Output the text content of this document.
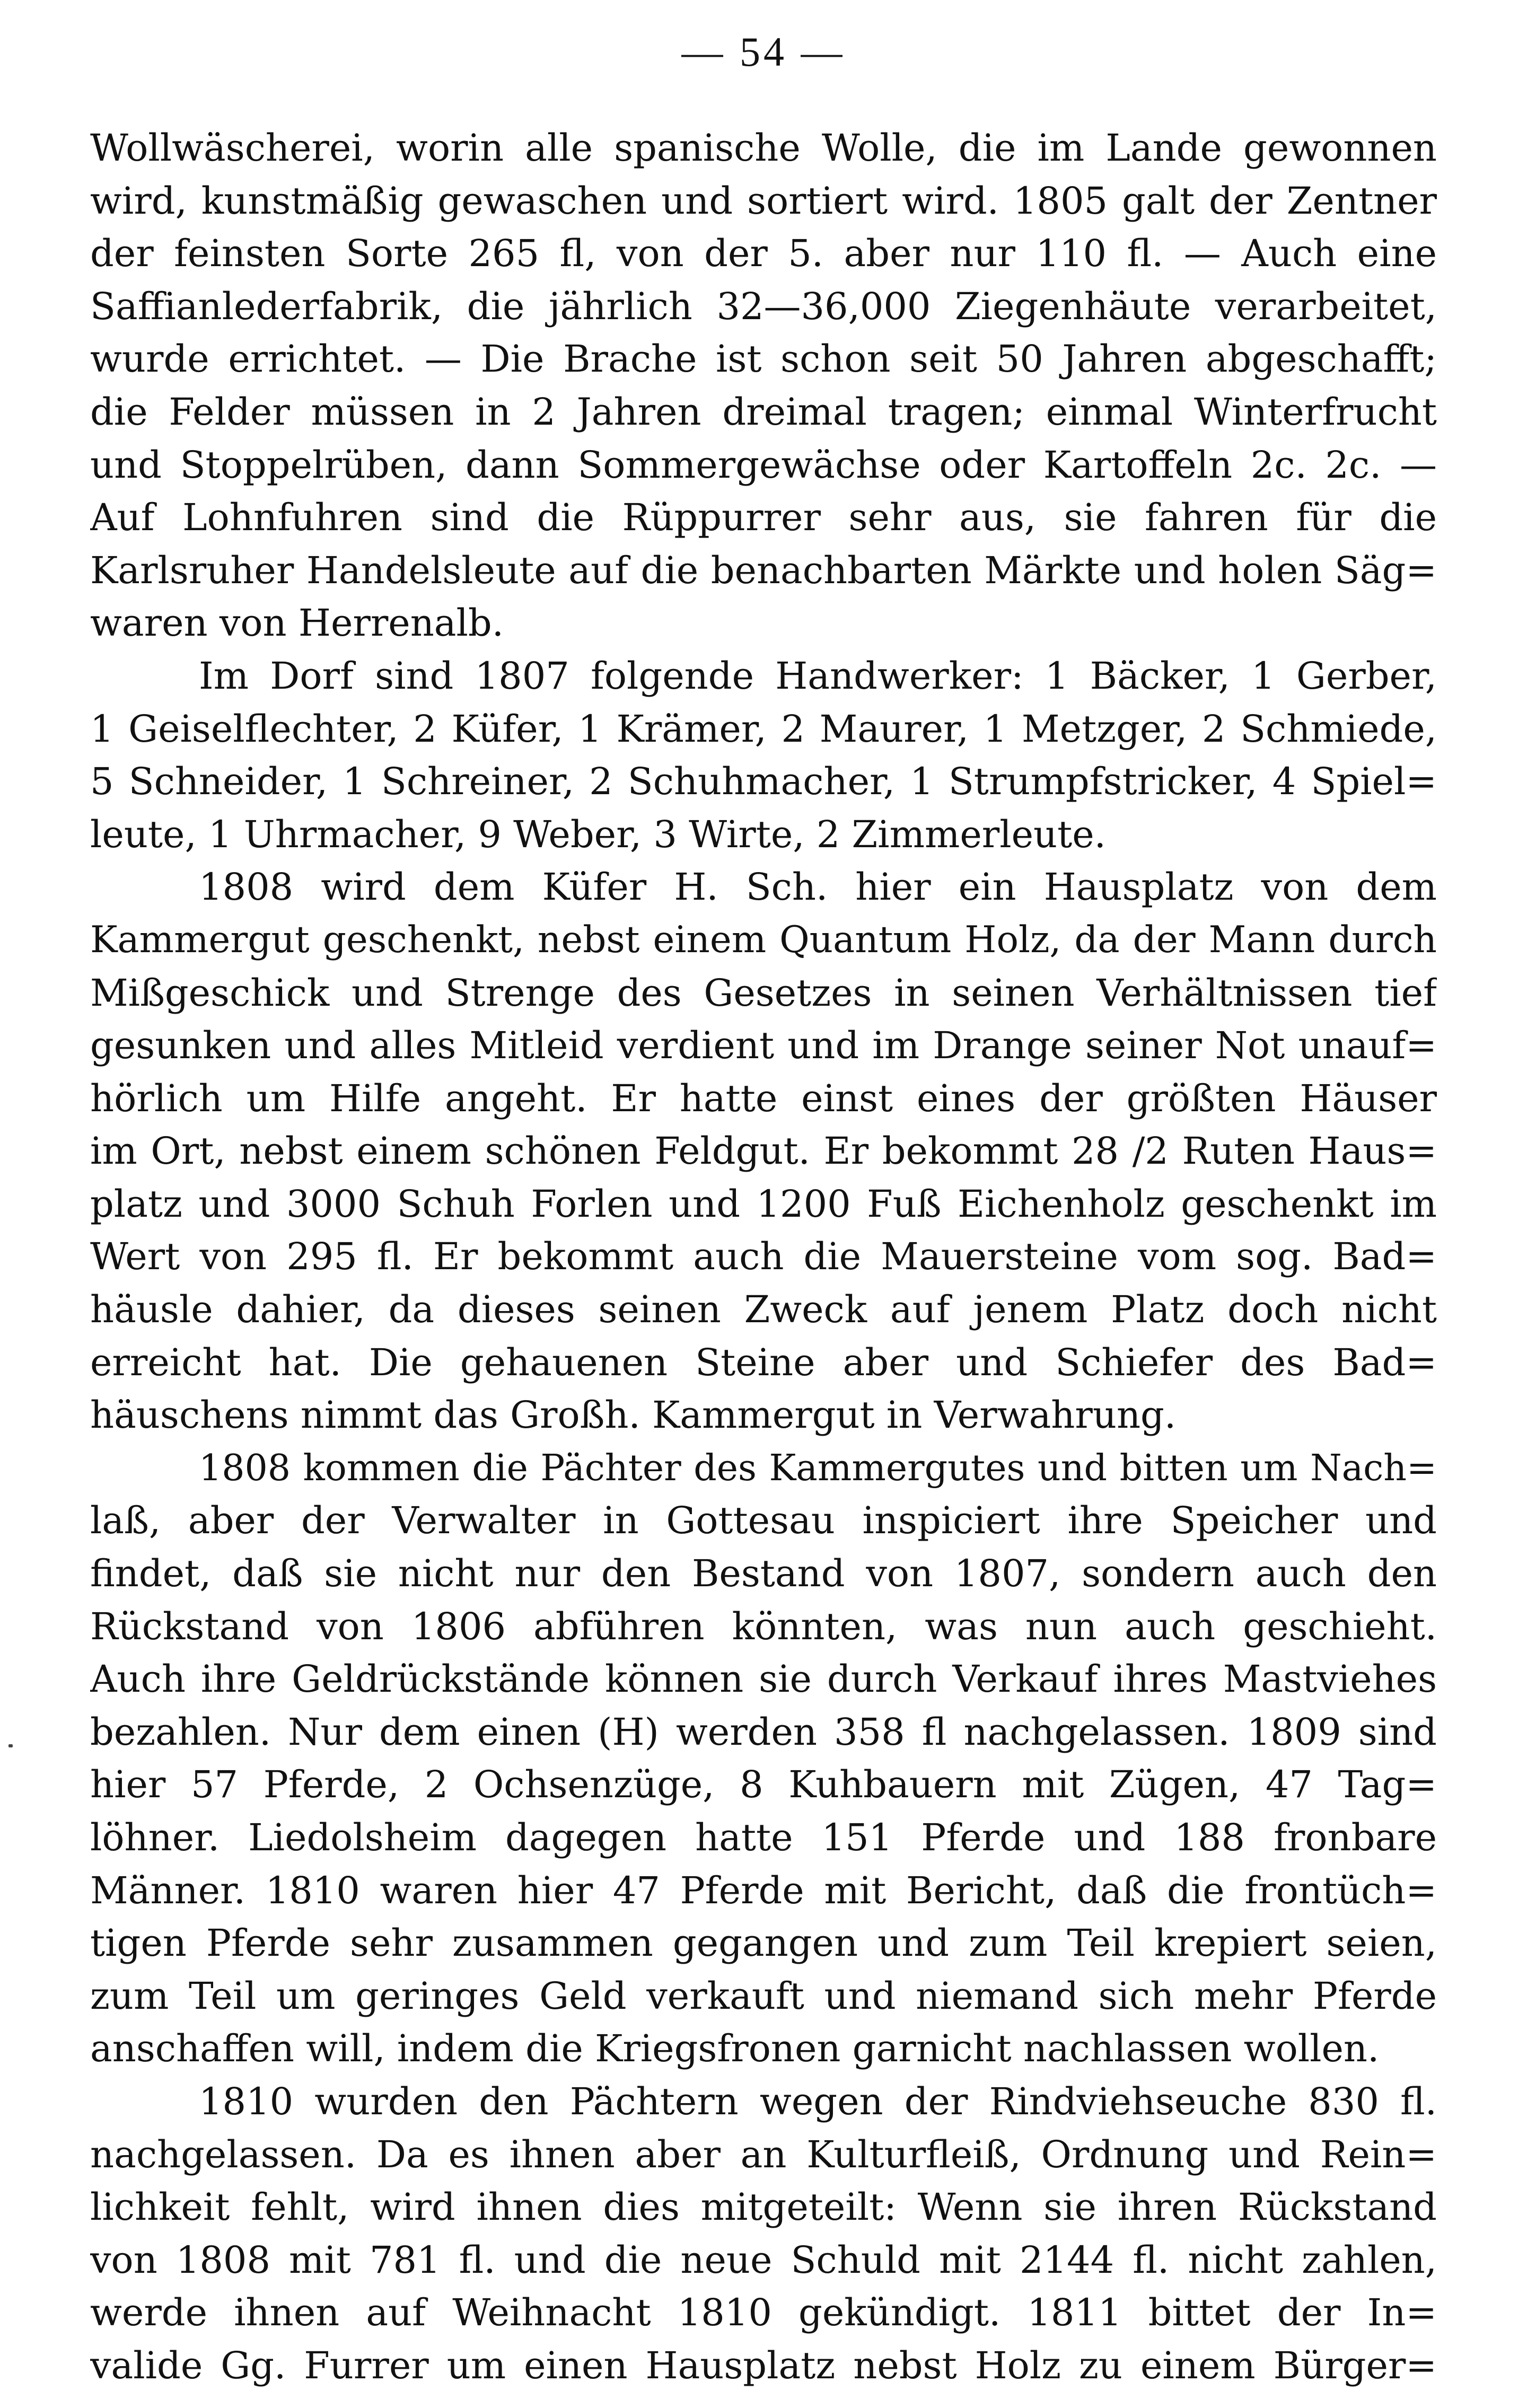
— 54 —
Wollwäscherei, worin alle spanische Wolle, die im Lande gewonnen
wird, kunstmäßig gewaschen und sortiert wird. 1805 galt der Zentner
der feinsten Sorte 265 fl, von der 5. aber nur 110 fl. — Auch eine
Saffianlederfabrik, die jährlich 32—36,000 Ziegenhäute verarbeitet,
wurde errichtet. — Die Brache ist schon seit 50 Jahren abgeschafft;
die Felder müssen in 2 Jahren dreimal tragen; einmal Winterfrucht
und Stoppelrüben, dann Sommergewächse oder Kartoffeln 2c. 2c. —
Auf Lohnfuhren sind die Rüppurrer sehr aus, sie fahren für die
Karlsruher Handelsleute auf die benachbarten Märkte und holen Säg=
waren von Herrenalb.
Im Dorf sind 1807 folgende Handwerker: 1 Bäcker, 1 Gerber,
1 Geiselflechter, 2 Küfer, 1 Krämer, 2 Maurer, 1 Metzger, 2 Schmiede,
5 Schneider, 1 Schreiner, 2 Schuhmacher, 1 Strumpfstricker, 4 Spiel=
leute, 1 Uhrmacher, 9 Weber, 3 Wirte, 2 Zimmerleute.
1808 wird dem Küfer H. Sch. hier ein Hausplatz von dem
Kammergut geschenkt, nebst einem Quantum Holz, da der Mann durch
Mißgeschick und Strenge des Gesetzes in seinen Verhältnissen tief
gesunken und alles Mitleid verdient und im Drange seiner Not unauf=
hörlich um Hilfe angeht. Er hatte einst eines der größten Häuser
im Ort, nebst einem schönen Feldgut. Er bekommt 28 /2 Ruten Haus=
platz und 3000 Schuh Forlen und 1200 Fuß Eichenholz geschenkt im
Wert von 295 fl. Er bekommt auch die Mauersteine vom sog. Bad=
häusle dahier, da dieses seinen Zweck auf jenem Platz doch nicht
erreicht hat. Die gehauenen Steine aber und Schiefer des Bad=
häuschens nimmt das Großh. Kammergut in Verwahrung.
1808 kommen die Pächter des Kammergutes und bitten um Nach=
laß, aber der Verwalter in Gottesau inspiciert ihre Speicher und
findet, daß sie nicht nur den Bestand von 1807, sondern auch den
Rückstand von 1806 abführen könnten, was nun auch geschieht.
Auch ihre Geldrückstände können sie durch Verkauf ihres Mastviehes
bezahlen. Nur dem einen (H) werden 358 fl nachgelassen. 1809 sind
hier 57 Pferde, 2 Ochsenzüge, 8 Kuhbauern mit Zügen, 47 Tag=
löhner. Liedolsheim dagegen hatte 151 Pferde und 188 fronbare
Männer. 1810 waren hier 47 Pferde mit Bericht, daß die frontüch=
tigen Pferde sehr zusammen gegangen und zum Teil krepiert seien,
zum Teil um geringes Geld verkauft und niemand sich mehr Pferde
anschaffen will, indem die Kriegsfronen garnicht nachlassen wollen.
1810 wurden den Pächtern wegen der Rindviehseuche 830 fl.
nachgelassen. Da es ihnen aber an Kulturfleiß, Ordnung und Rein=
lichkeit fehlt, wird ihnen dies mitgeteilt: Wenn sie ihren Rückstand
von 1808 mit 781 fl. und die neue Schuld mit 2144 fl. nicht zahlen,
werde ihnen auf Weihnacht 1810 gekündigt. 1811 bittet der In=
valide Gg. Furrer um einen Hausplatz nebst Holz zu einem Bürger=
